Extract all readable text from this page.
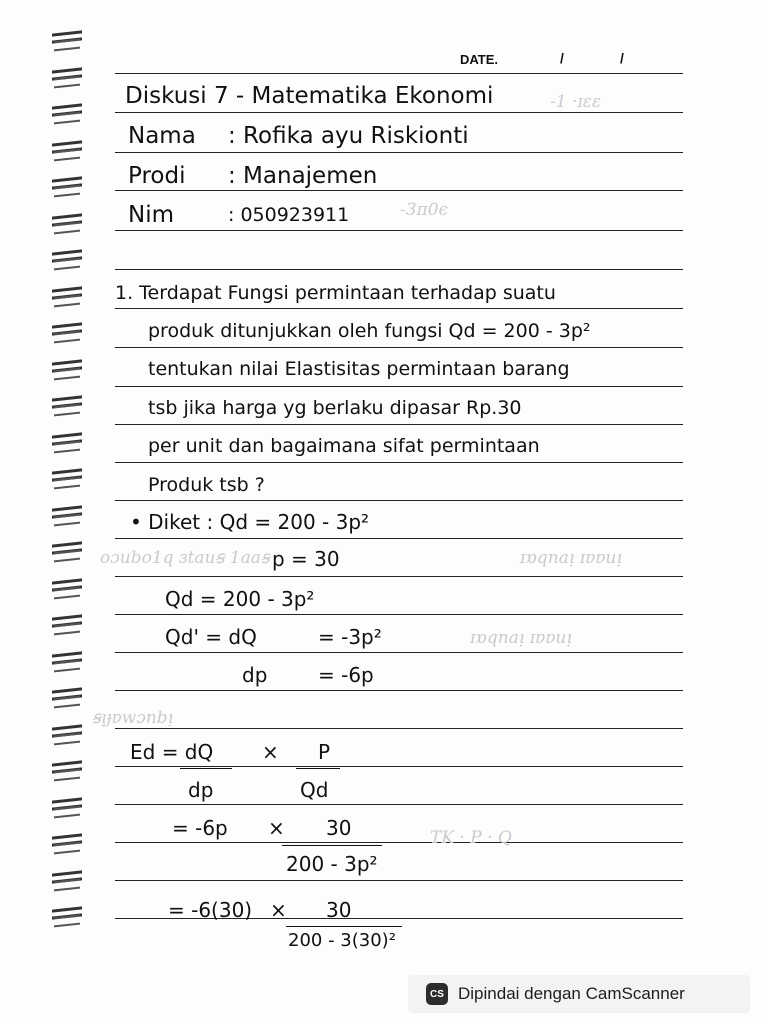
DATE.	/	/
-1 ·ɪɛɛ
-3π0ϵ
oɔubo1q ɜtauꞩ 1aaꞩ	ɪɒqnaᴉ ɪɐɐuᴉ
ɪɒqnaᴉ ɪɐɐuᴉ
ꞩᴉɟɐwɔnbᴉ
TK · P · Q
Diskusi 7 - Matematika Ekonomi
Nama : Rofika ayu Riskionti
Prodi : Manajemen
Nim	: 050923911
1. Terdapat Fungsi permintaan terhadap suatu
produk ditunjukkan oleh fungsi Qd = 200 - 3p²
tentukan nilai Elastisitas permintaan barang
tsb jika harga yg berlaku dipasar Rp.30
per unit dan bagaimana sifat permintaan
Produk tsb ?
• Diket : Qd = 200 - 3p²
p = 30
Qd = 200 - 3p²
Qd' = dQ	= -3p²
dp	= -6p
Ed = dQ × P
dp	Qd
= -6p × 30
200 - 3p²
= -6(30) × 30
200 - 3(30)²
CS Dipindai dengan CamScanner
